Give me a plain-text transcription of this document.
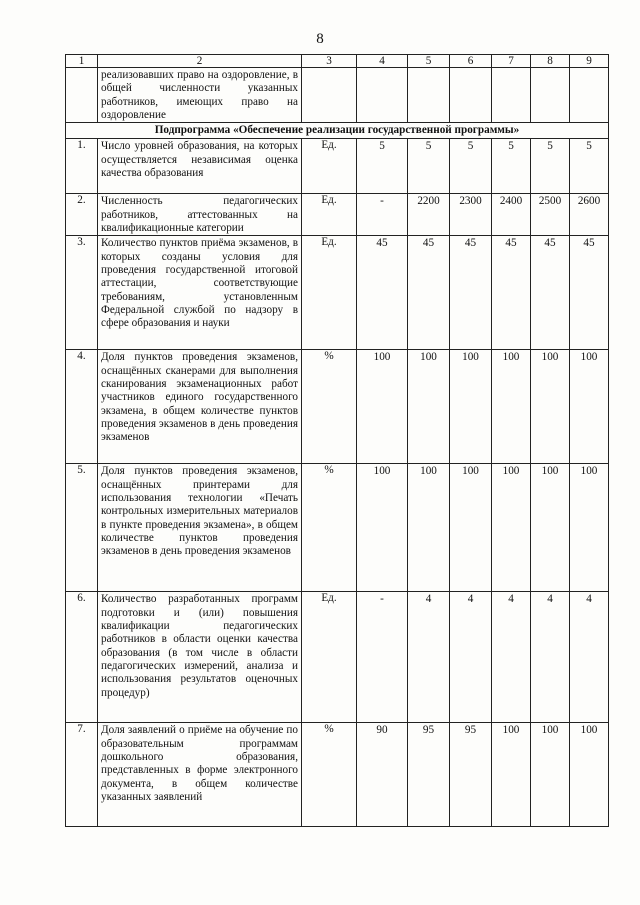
8
1	2	3	4	5	6	7	8	9
	реализовавших право на оздоровление, в общей численности указанных работников, имеющих право на оздоровление							
Подпрограмма «Обеспечение реализации государственной программы»								
1.	Число уровней образования, на которых осуществляется независимая оценка качества образования	Ед.	5	5	5	5	5	5
2.	Численность педагогических работников, аттестованных на квалификационные категории	Ед.	-	2200	2300	2400	2500	2600
3.	Количество пунктов приёма экзаменов, в которых созданы условия для проведения государственной итоговой аттестации, соответствующие требованиям, установленным Федеральной службой по надзору в сфере образования и науки	Ед.	45	45	45	45	45	45
4.	Доля пунктов проведения экзаменов, оснащённых сканерами для выполнения сканирования экзаменационных работ участников единого государственного экзамена, в общем количестве пунктов проведения экзаменов в день проведения экзаменов	%	100	100	100	100	100	100
5.	Доля пунктов проведения экзаменов, оснащённых принтерами для использования технологии «Печать контрольных измерительных материалов в пункте проведения экзамена», в общем количестве пунктов проведения экзаменов в день проведения экзаменов	%	100	100	100	100	100	100
6.	Количество разработанных программ подготовки и (или) повышения квалификации педагогических работников в области оценки качества образования (в том числе в области педагогических измерений, анализа и использования результатов оценочных процедур)	Ед.	-	4	4	4	4	4
7.	Доля заявлений о приёме на обучение по образовательным программам дошкольного образования, представленных в форме электронного документа, в общем количестве указанных заявлений	%	90	95	95	100	100	100
